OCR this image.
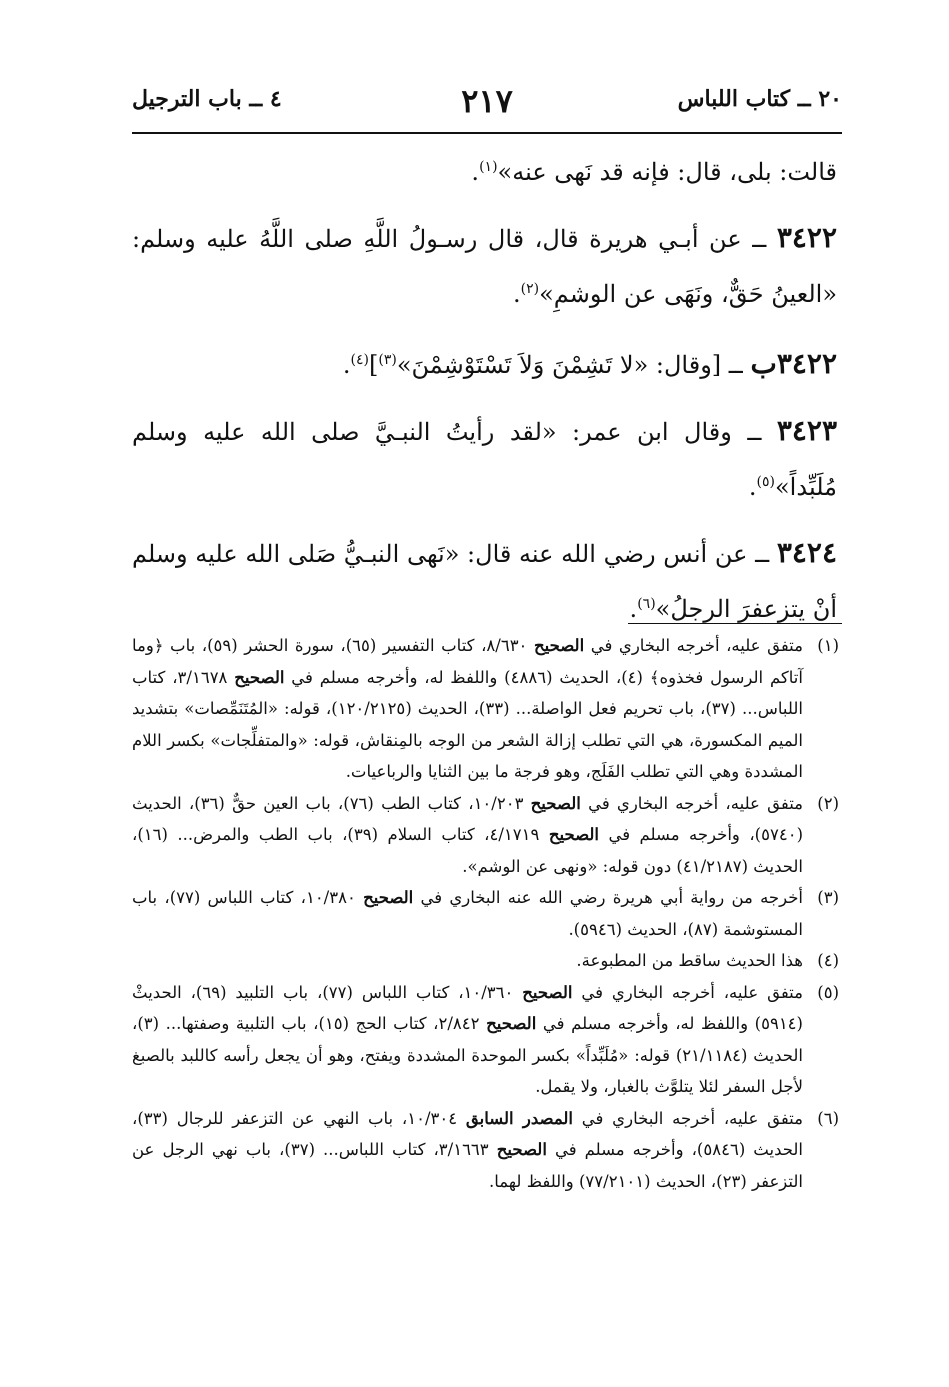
٢٠ ــ كتاب اللباس
٢١٧
٤ ــ باب الترجيل

قالت: بلى، قال: فإنه قد نَهى عنه»$^{(١)}$.

٣٤٢٢ ــ عن أبـي هريرة قال، قال رسـولُ اللَّهِ صلى اللَّهُ عليه وسلم: «العينُ حَقٌّ، ونَهَى عن الوشمِ»$^{(٢)}$.

٣٤٢٢ب ــ [وقال: «لا تَشِمْنَ وَلاَ تَسْتَوْشِمْنَ»$^{(٣)}$]$^{(٤)}$.

٣٤٢٣ ــ وقال ابن عمر: «لقد رأيتُ النبـيَّ صلى الله عليه وسلم مُلَبِّداً»$^{(٥)}$.

٣٤٢٤ ــ عن أنس رضي الله عنه قال: «نَهى النبـيُّ صَلى الله عليه وسلم أنْ يتزعفرَ الرجلُ»$^{(٦)}$.

(١)
متفق عليه، أخرجه البخاري في الصحيح ٨/٦٣٠، كتاب التفسير (٦٥)، سورة الحشر (٥٩)، باب ﴿وما آتاكم الرسول فخذوه﴾ (٤)، الحديث (٤٨٨٦) واللفظ له، وأخرجه مسلم في الصحيح ٣/١٦٧٨، كتاب اللباس... (٣٧)، باب تحريم فعل الواصلة... (٣٣)، الحديث (١٢٠/٢١٢٥)، قوله: «المُتَنَمِّصات» بتشديد الميم المكسورة، هي التي تطلب إزالة الشعر من الوجه بالمِنقاش، قوله: «والمتفلِّجات» بكسر اللام المشددة وهي التي تطلب الفَلَج، وهو فرجة ما بين الثنايا والرباعيات.
(٢)
متفق عليه، أخرجه البخاري في الصحيح ١٠/٢٠٣، كتاب الطب (٧٦)، باب العين حقٌّ (٣٦)، الحديث (٥٧٤٠)، وأخرجه مسلم في الصحيح ٤/١٧١٩، كتاب السلام (٣٩)، باب الطب والمرض... (١٦)، الحديث (٤١/٢١٨٧) دون قوله: «ونهى عن الوشم».
(٣)
أخرجه من رواية أبي هريرة رضي الله عنه البخاري في الصحيح ١٠/٣٨٠، كتاب اللباس (٧٧)، باب المستوشمة (٨٧)، الحديث (٥٩٤٦).
(٤)
هذا الحديث ساقط من المطبوعة.
(٥)
متفق عليه، أخرجه البخاري في الصحيح ١٠/٣٦٠، كتاب اللباس (٧٧)، باب التلبيد (٦٩)، الحديثْ (٥٩١٤) واللفظ له، وأخرجه مسلم في الصحيح ٢/٨٤٢، كتاب الحج (١٥)، باب التلبية وصفتها... (٣)، الحديث (٢١/١١٨٤) قوله: «مُلَبِّداً» بكسر الموحدة المشددة ويفتح، وهو أن يجعل رأسه كاللبد بالصبغ لأجل السفر لئلا يتلوَّث بالغبار، ولا يقمل.
(٦)
متفق عليه، أخرجه البخاري في المصدر السابق ١٠/٣٠٤، باب النهي عن التزعفر للرجال (٣٣)، الحديث (٥٨٤٦)، وأخرجه مسلم في الصحيح ٣/١٦٦٣، كتاب اللباس... (٣٧)، باب نهي الرجل عن التزعفر (٢٣)، الحديث (٧٧/٢١٠١) واللفظ لهما.
